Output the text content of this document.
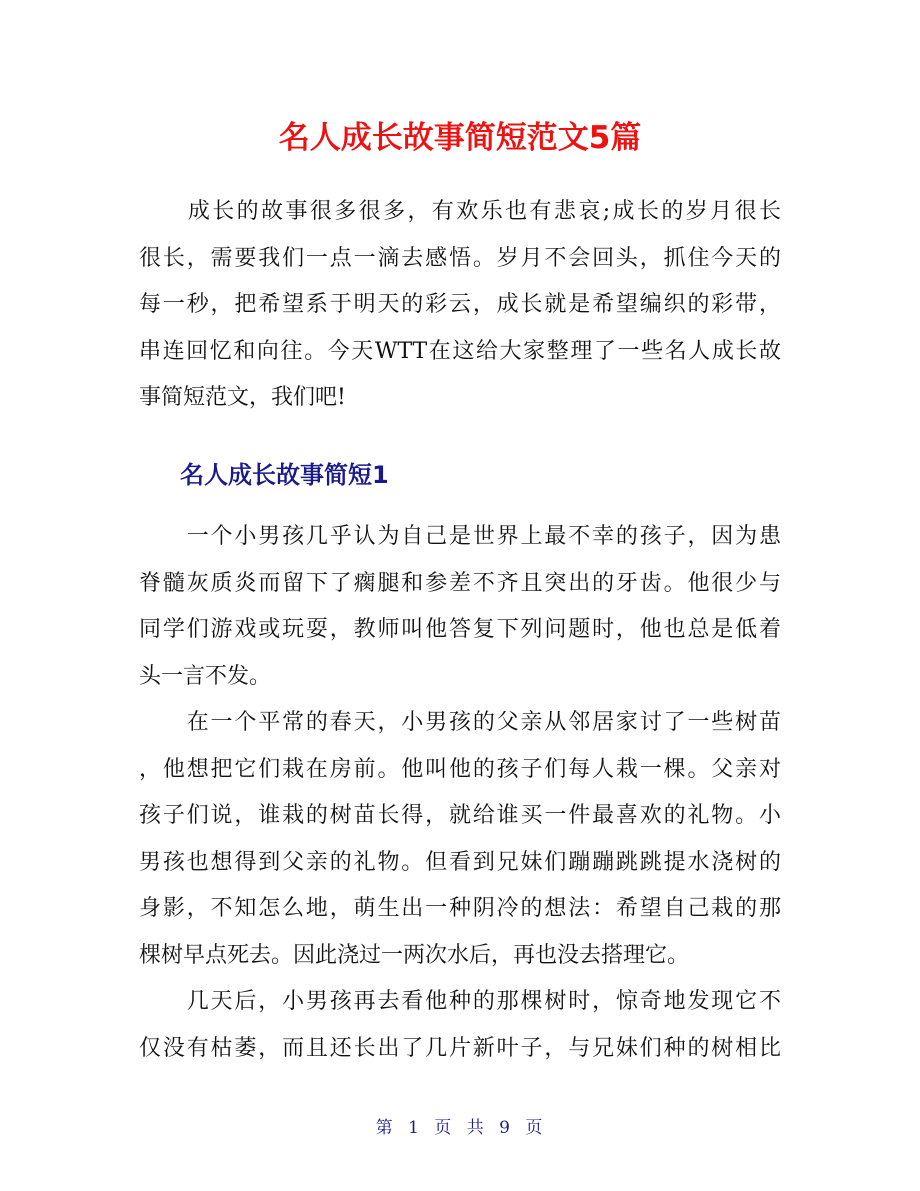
名人成长故事简短范文5篇
　　成长的故事很多很多，有欢乐也有悲哀;成长的岁月很长
很长，需要我们一点一滴去感悟。岁月不会回头，抓住今天的
每一秒，把希望系于明天的彩云，成长就是希望编织的彩带，
串连回忆和向往。今天WTT在这给大家整理了一些名人成长故
事简短范文，我们吧!
名人成长故事简短1
　　一个小男孩几乎认为自己是世界上最不幸的孩子，因为患
脊髓灰质炎而留下了瘸腿和参差不齐且突出的牙齿。他很少与
同学们游戏或玩耍，教师叫他答复下列问题时，他也总是低着
头一言不发。
　　在一个平常的春天，小男孩的父亲从邻居家讨了一些树苗
，他想把它们栽在房前。他叫他的孩子们每人栽一棵。父亲对
孩子们说，谁栽的树苗长得，就给谁买一件最喜欢的礼物。小
男孩也想得到父亲的礼物。但看到兄妹们蹦蹦跳跳提水浇树的
身影，不知怎么地，萌生出一种阴冷的想法：希望自己栽的那
棵树早点死去。因此浇过一两次水后，再也没去搭理它。
　　几天后，小男孩再去看他种的那棵树时，惊奇地发现它不
仅没有枯萎，而且还长出了几片新叶子，与兄妹们种的树相比
第 1 页 共 9 页
